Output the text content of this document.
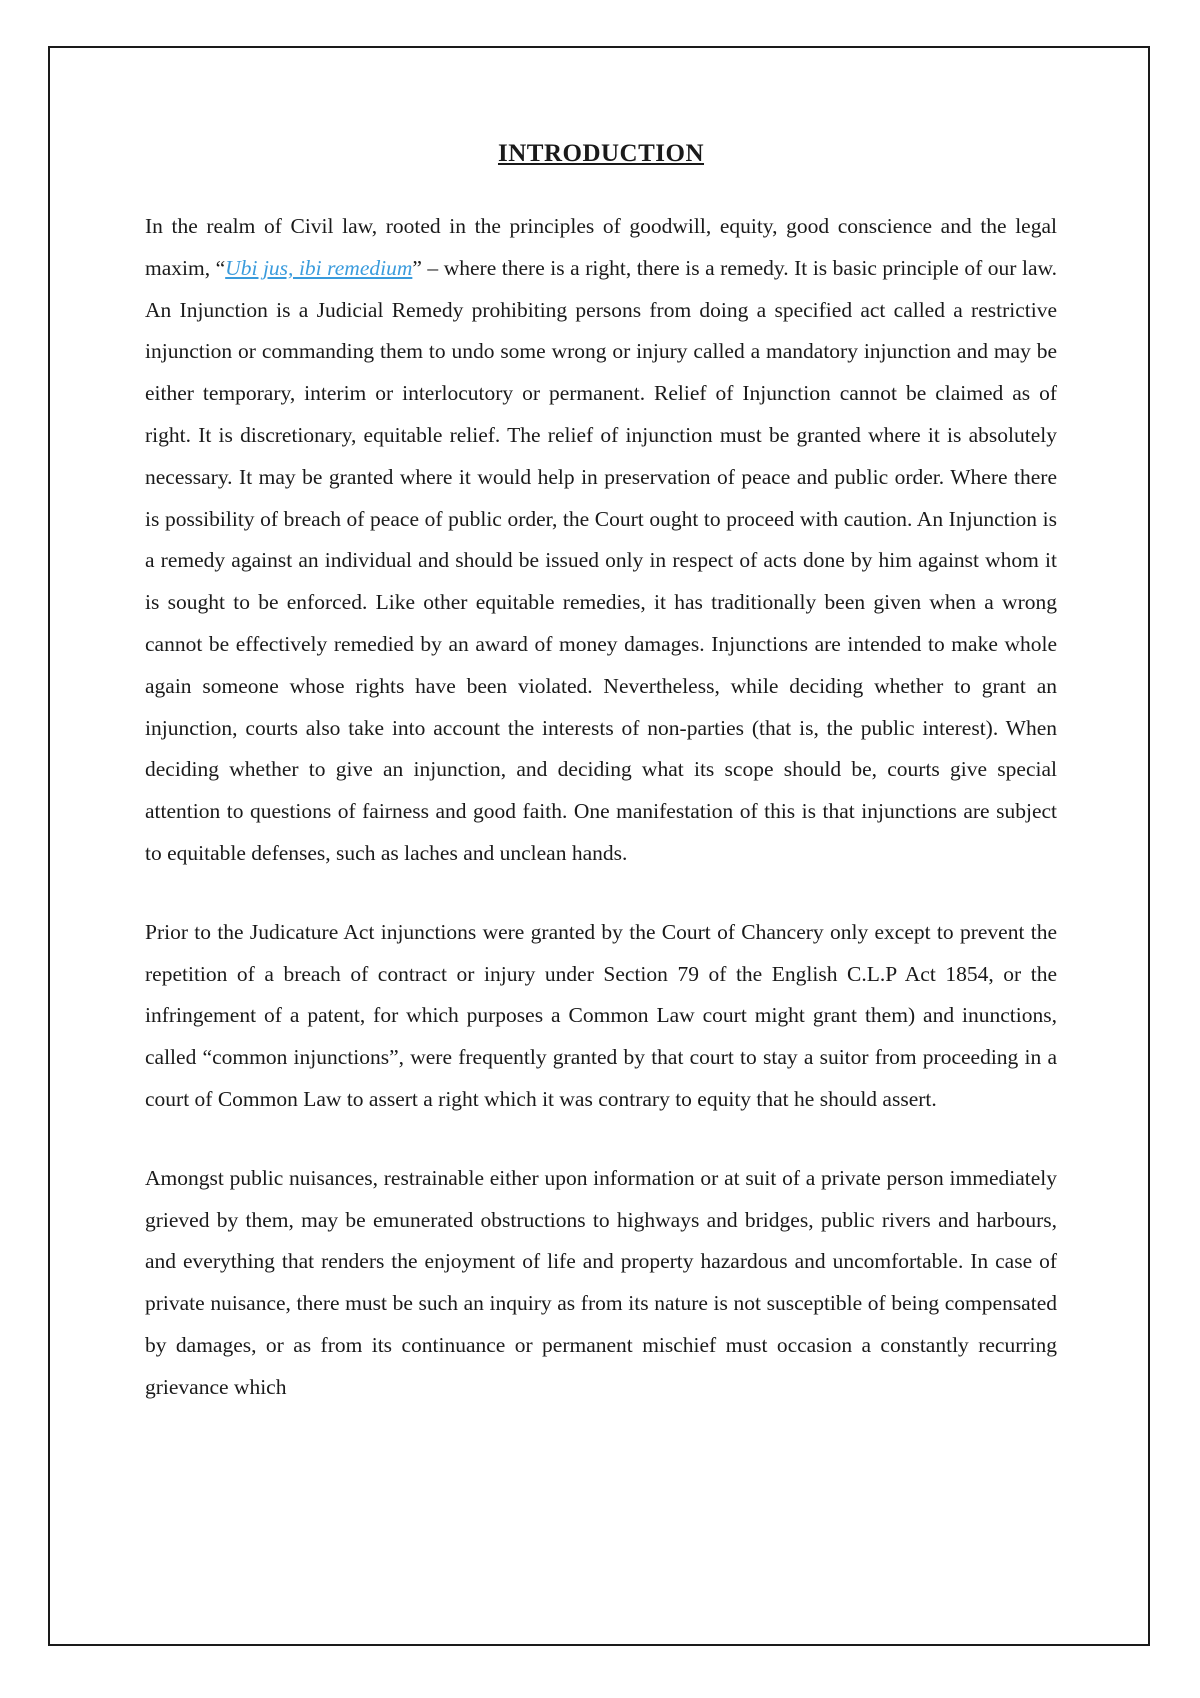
INTRODUCTION

In the realm of Civil law, rooted in the principles of goodwill, equity, good conscience and the legal maxim, “Ubi jus, ibi remedium” – where there is a right, there is a remedy. It is basic principle of our law. An Injunction is a Judicial Remedy prohibiting persons from doing a specified act called a restrictive injunction or commanding them to undo some wrong or injury called a mandatory injunction and may be either temporary, interim or interlocutory or permanent. Relief of Injunction cannot be claimed as of right. It is discretionary, equitable relief. The relief of injunction must be granted where it is absolutely necessary. It may be granted where it would help in preservation of peace and public order. Where there is possibility of breach of peace of public order, the Court ought to proceed with caution. An Injunction is a remedy against an individual and should be issued only in respect of acts done by him against whom it is sought to be enforced. Like other equitable remedies, it has traditionally been given when a wrong cannot be effectively remedied by an award of money damages. Injunctions are intended to make whole again someone whose rights have been violated. Nevertheless, while deciding whether to grant an injunction, courts also take into account the interests of non-parties (that is, the public interest). When deciding whether to give an injunction, and deciding what its scope should be, courts give special attention to questions of fairness and good faith. One manifestation of this is that injunctions are subject to equitable defenses, such as laches and unclean hands.

Prior to the Judicature Act injunctions were granted by the Court of Chancery only except to prevent the repetition of a breach of contract or injury under Section 79 of the English C.L.P Act 1854, or the infringement of a patent, for which purposes a Common Law court might grant them) and inunctions, called “common injunctions”, were frequently granted by that court to stay a suitor from proceeding in a court of Common Law to assert a right which it was contrary to equity that he should assert.

Amongst public nuisances, restrainable either upon information or at suit of a private person immediately grieved by them, may be emunerated obstructions to highways and bridges, public rivers and harbours, and everything that renders the enjoyment of life and property hazardous and uncomfortable. In case of private nuisance, there must be such an inquiry as from its nature is not susceptible of being compensated by damages, or as from its continuance or permanent mischief must occasion a constantly recurring grievance which
